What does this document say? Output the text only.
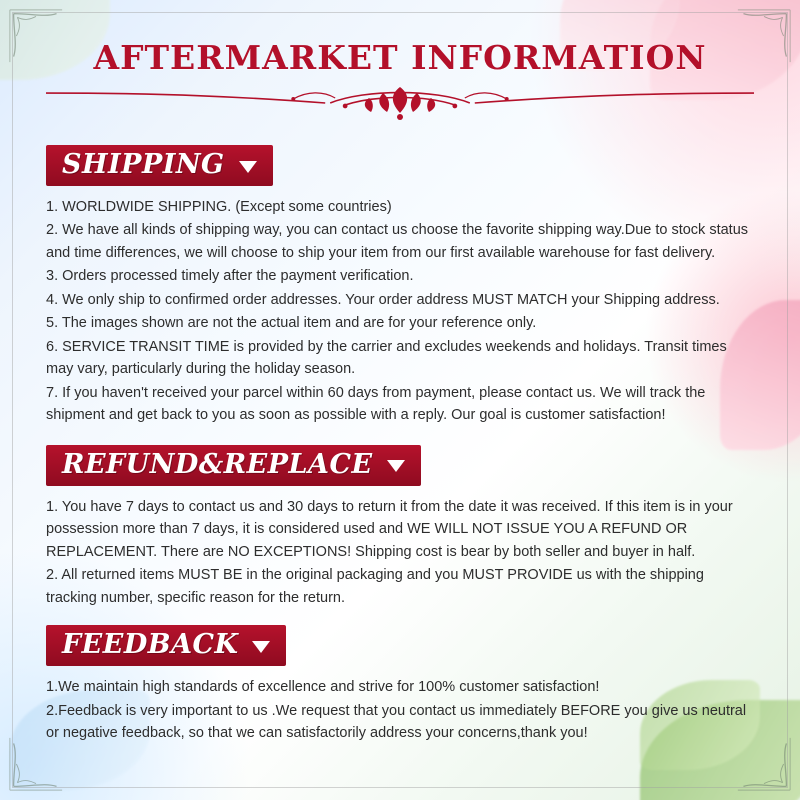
AFTERMARKET INFORMATION
SHIPPING

1. WORLDWIDE SHIPPING. (Except some countries)

2. We have all kinds of shipping way, you can contact us choose the favorite shipping way.Due to stock status and time differences, we will choose to ship your item from our first available warehouse for fast delivery.

3. Orders processed timely after the payment verification.

4. We only ship to confirmed order addresses. Your order address MUST MATCH your Shipping address.

5. The images shown are not the actual item and are for your reference only.

6. SERVICE TRANSIT TIME is provided by the carrier and excludes weekends and holidays. Transit times may vary, particularly during the holiday season.

7. If you haven't received your parcel within 60 days from payment, please contact us. We will track the shipment and get back to you as soon as possible with a reply. Our goal is customer satisfaction!

REFUND&REPLACE

1. You have 7 days to contact us and 30 days to return it from the date it was received. If this item is in your possession more than 7 days, it is considered used and WE WILL NOT ISSUE YOU A REFUND OR REPLACEMENT. There are NO EXCEPTIONS! Shipping cost is bear by both seller and buyer in half.

2. All returned items MUST BE in the original packaging and you MUST PROVIDE us with the shipping tracking number, specific reason for the return.

FEEDBACK

1.We maintain high standards of excellence and strive for 100% customer satisfaction!

2.Feedback is very important to us .We request that you contact us immediately BEFORE you give us neutral or negative feedback, so that we can satisfactorily address your concerns,thank you!
